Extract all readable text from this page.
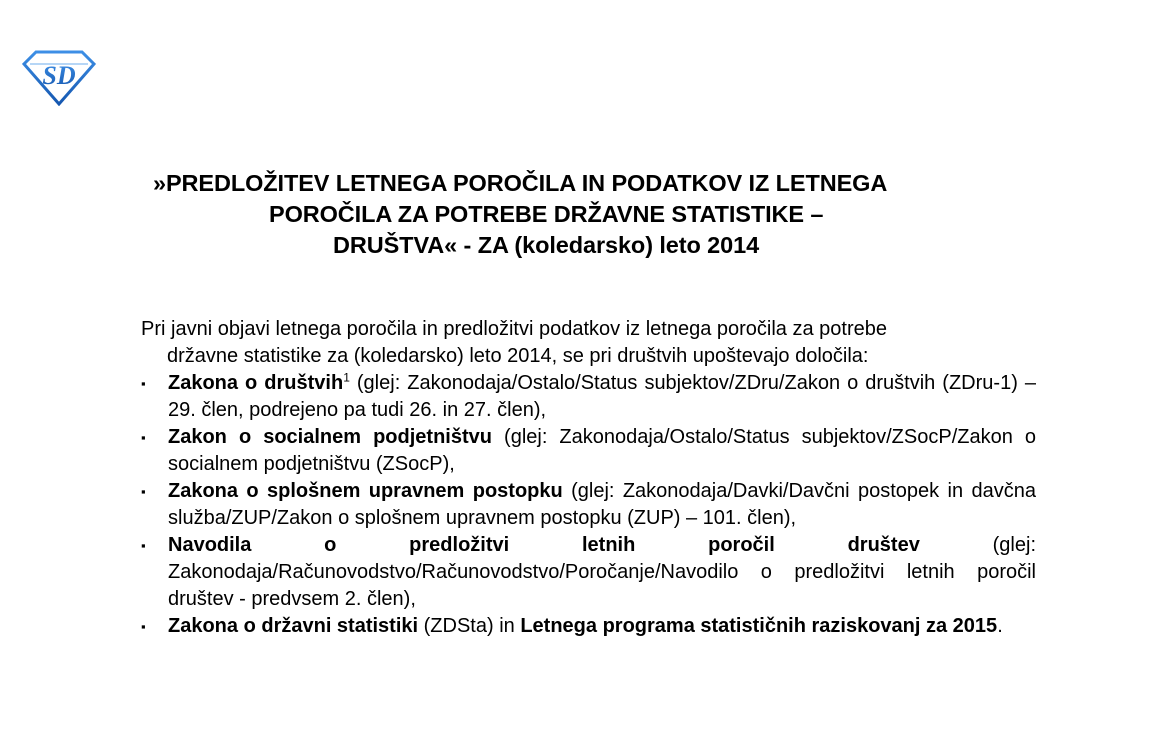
SD
»PREDLOŽITEV LETNEGA POROČILA IN PODATKOV IZ LETNEGA
POROČILA ZA POTREBE DRŽAVNE STATISTIKE –
DRUŠTVA« - ZA (koledarsko) leto 2014
Pri javni objavi letnega poročila in predložitvi podatkov iz letnega poročila za potrebe
državne statistike za (koledarsko) leto 2014, se pri društvih upoštevajo določila:
▪ Zakona o društvih$^1$ (glej: Zakonodaja/Ostalo/Status subjektov/ZDru/Zakon o društvih (ZDru-1) – 29. člen, podrejeno pa tudi 26. in 27. člen),
▪ Zakon o socialnem podjetništvu (glej: Zakonodaja/Ostalo/Status subjektov/ZSocP/Zakon o socialnem podjetništvu (ZSocP),
▪ Zakona o splošnem upravnem postopku (glej: Zakonodaja/Davki/Davčni postopek in davčna služba/ZUP/Zakon o splošnem upravnem postopku (ZUP) – 101. člen),
▪ Navodila o predložitvi letnih poročil društev (glej: Zakonodaja/Računovodstvo/Računovodstvo/Poročanje/Navodilo o predložitvi letnih poročil društev - predvsem 2. člen),
▪ Zakona o državni statistiki (ZDSta) in Letnega programa statističnih raziskovanj za 2015.
